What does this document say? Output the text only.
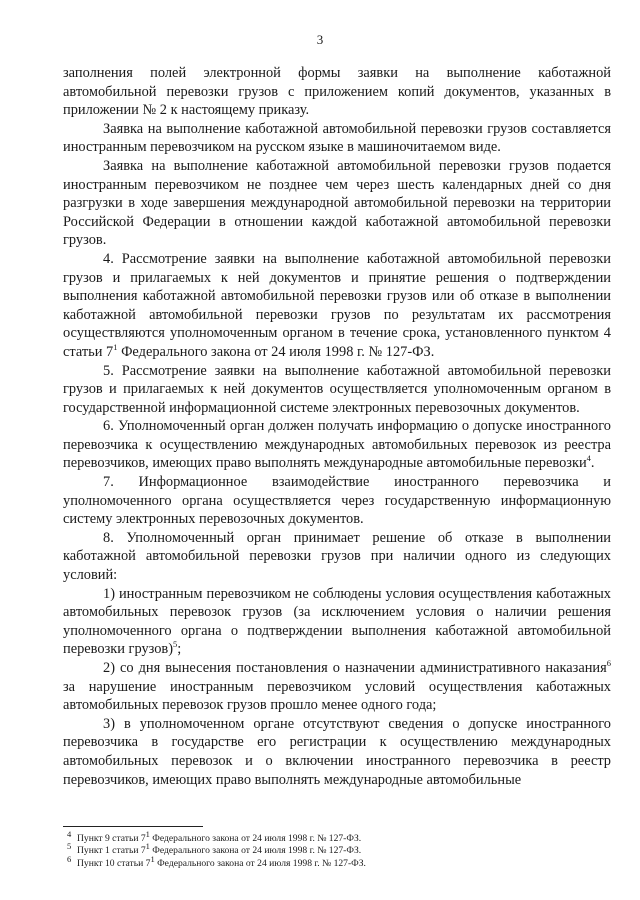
3

заполнения полей электронной формы заявки на выполнение каботажной автомобильной перевозки грузов с приложением копий документов, указанных в приложении № 2 к настоящему приказу.

Заявка на выполнение каботажной автомобильной перевозки грузов составляется иностранным перевозчиком на русском языке в машиночитаемом виде.

Заявка на выполнение каботажной автомобильной перевозки грузов подается иностранным перевозчиком не позднее чем через шесть календарных дней со дня разгрузки в ходе завершения международной автомобильной перевозки на территории Российской Федерации в отношении каждой каботажной автомобильной перевозки грузов.

4. Рассмотрение заявки на выполнение каботажной автомобильной перевозки грузов и прилагаемых к ней документов и принятие решения о подтверждении выполнения каботажной автомобильной перевозки грузов или об отказе в выполнении каботажной автомобильной перевозки грузов по результатам их рассмотрения осуществляются уполномоченным органом в течение срока, установленного пунктом 4 статьи $7^1$ Федерального закона от 24 июля 1998 г. № 127-ФЗ.

5. Рассмотрение заявки на выполнение каботажной автомобильной перевозки грузов и прилагаемых к ней документов осуществляется уполномоченным органом в государственной информационной системе электронных перевозочных документов.

6. Уполномоченный орган должен получать информацию о допуске иностранного перевозчика к осуществлению международных автомобильных перевозок из реестра перевозчиков, имеющих право выполнять международные автомобильные перевозки$^4$.

7. Информационное взаимодействие иностранного перевозчика и уполномоченного органа осуществляется через государственную информационную систему электронных перевозочных документов.

8. Уполномоченный орган принимает решение об отказе в выполнении каботажной автомобильной перевозки грузов при наличии одного из следующих условий:

1) иностранным перевозчиком не соблюдены условия осуществления каботажных автомобильных перевозок грузов (за исключением условия о наличии решения уполномоченного органа о подтверждении выполнения каботажной автомобильной перевозки грузов)$^5$;

2) со дня вынесения постановления о назначении административного наказания$^6$ за нарушение иностранным перевозчиком условий осуществления каботажных автомобильных перевозок грузов прошло менее одного года;

3) в уполномоченном органе отсутствуют сведения о допуске иностранного перевозчика в государстве его регистрации к осуществлению международных автомобильных перевозок и о включении иностранного перевозчика в реестр перевозчиков, имеющих право выполнять международные автомобильные

$^4$ Пункт 9 статьи $7^1$ Федерального закона от 24 июля 1998 г. № 127-ФЗ.

$^5$ Пункт 1 статьи $7^1$ Федерального закона от 24 июля 1998 г. № 127-ФЗ.

$^6$ Пункт 10 статьи $7^1$ Федерального закона от 24 июля 1998 г. № 127-ФЗ.
